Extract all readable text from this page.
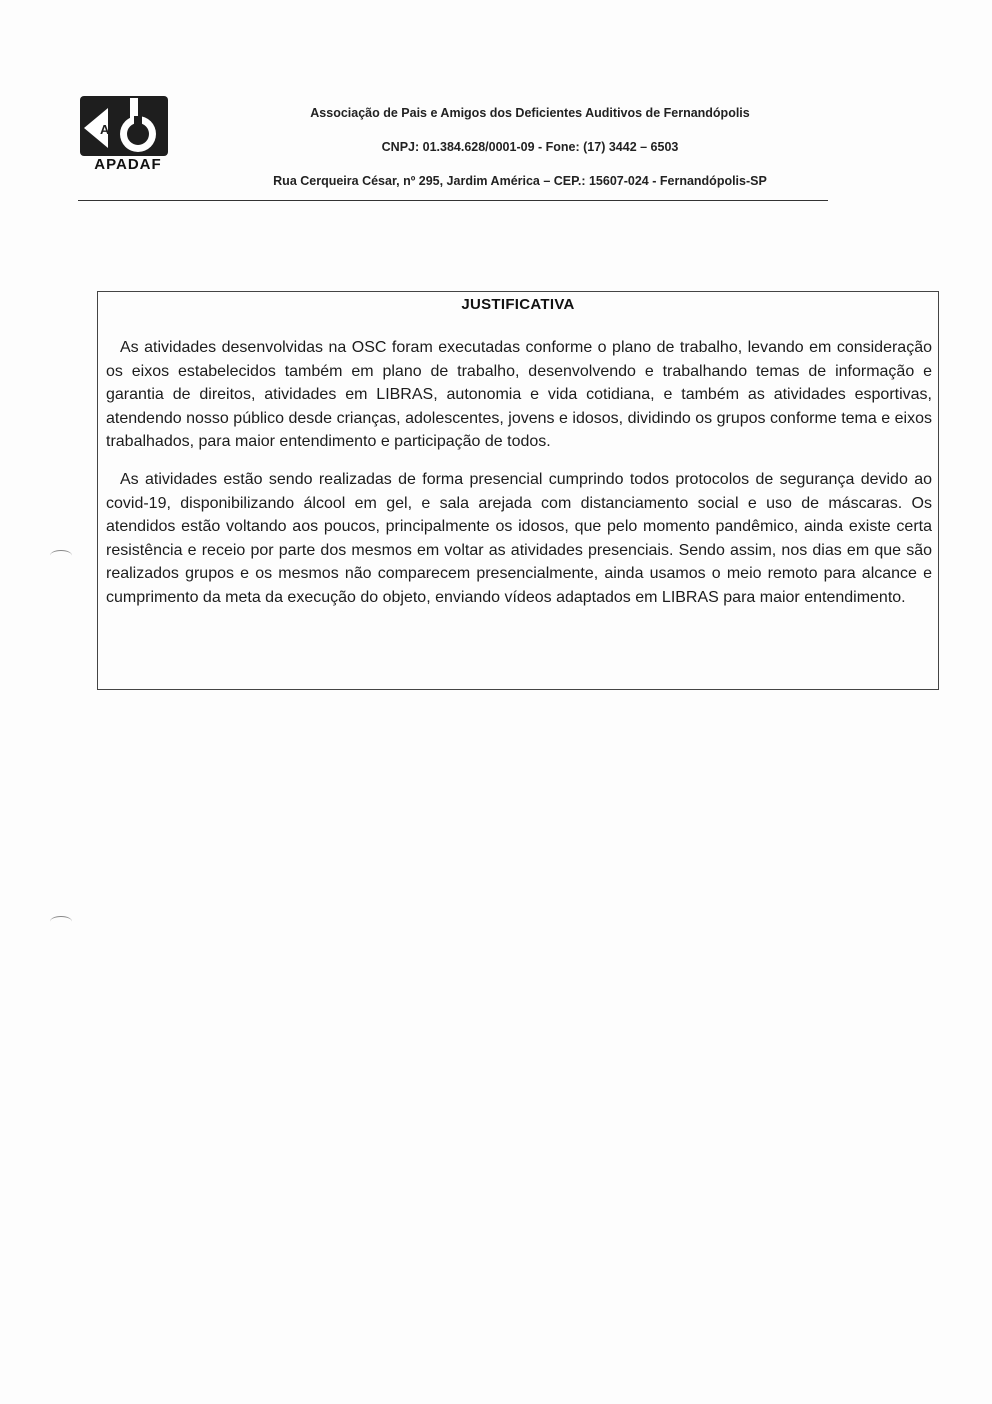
A
APADAF
Associação de Pais e Amigos dos Deficientes Auditivos de Fernandópolis
CNPJ: 01.384.628/0001-09 - Fone: (17) 3442 – 6503
Rua Cerqueira César, nº 295, Jardim América – CEP.: 15607-024 - Fernandópolis-SP
JUSTIFICATIVA

As atividades desenvolvidas na OSC foram executadas conforme o plano de trabalho, levando em consideração os eixos estabelecidos também em plano de trabalho, desenvolvendo e trabalhando temas de informação e garantia de direitos, atividades em LIBRAS, autonomia e vida cotidiana, e também as atividades esportivas, atendendo nosso público desde crianças, adolescentes, jovens e idosos, dividindo os grupos conforme tema e eixos trabalhados, para maior entendimento e participação de todos.

As atividades estão sendo realizadas de forma presencial cumprindo todos protocolos de segurança devido ao covid-19, disponibilizando álcool em gel, e sala arejada com distanciamento social e uso de máscaras. Os atendidos estão voltando aos poucos, principalmente os idosos, que pelo momento pandêmico, ainda existe certa resistência e receio por parte dos mesmos em voltar as atividades presenciais. Sendo assim, nos dias em que são realizados grupos e os mesmos não comparecem presencialmente, ainda usamos o meio remoto para alcance e cumprimento da meta da execução do objeto, enviando vídeos adaptados em LIBRAS para maior entendimento.
